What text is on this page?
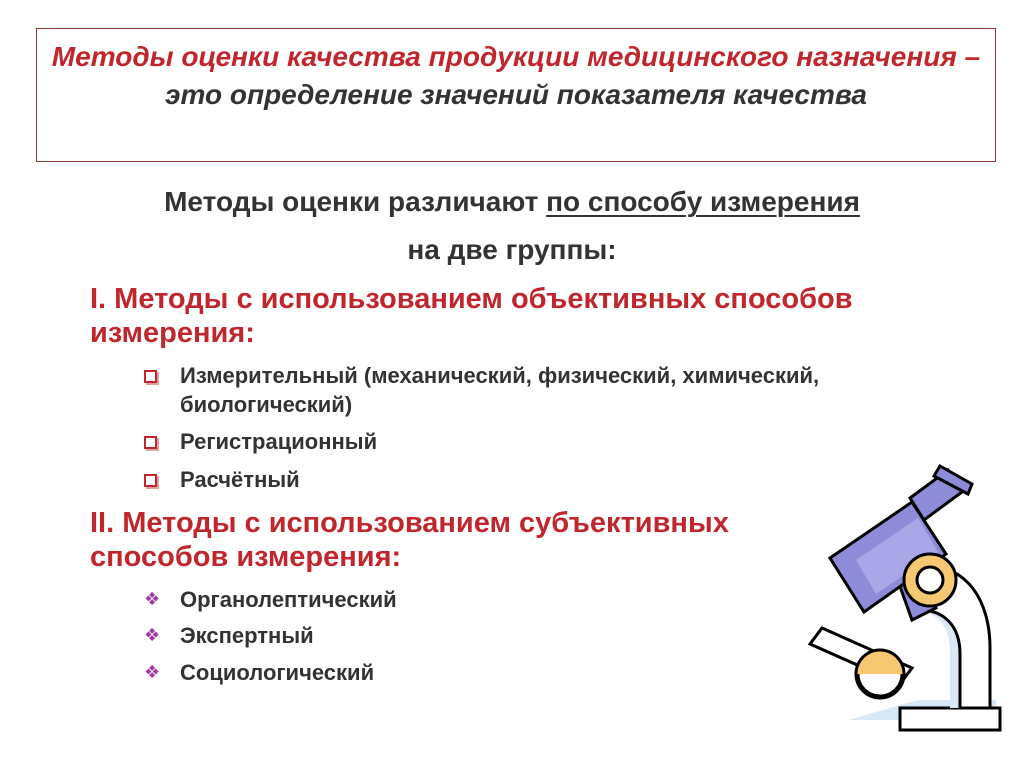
Методы оценки качества продукции медицинского назначения – это определение значений показателя качества
Методы оценки различают по способу измерения
на две группы:
I. Методы с использованием объективных способов измерения:
Измерительный (механический, физический, химический, биологический)
Регистрационный
Расчётный
II. Методы с использованием субъективных способов измерения:
❖ Органолептический
❖ Экспертный
❖ Социологический
